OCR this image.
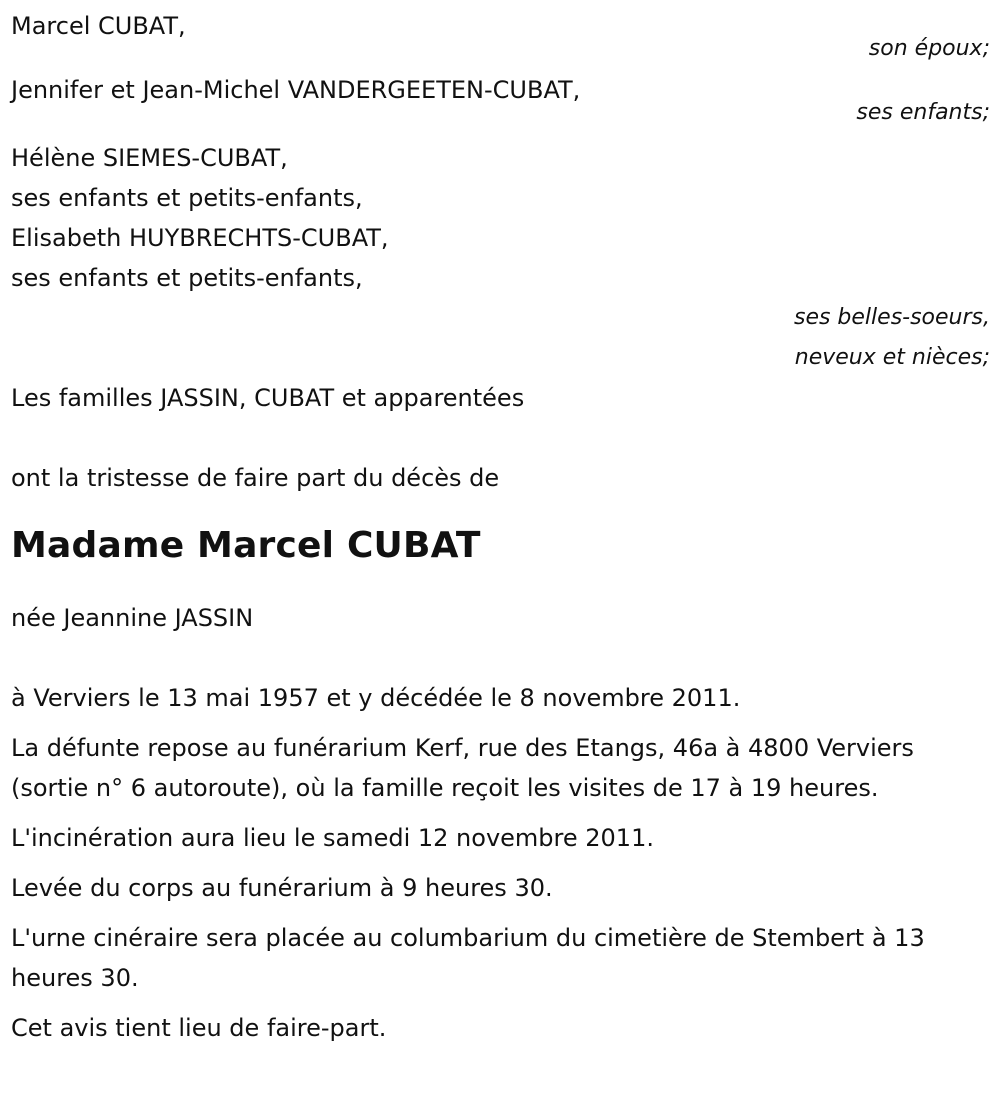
Marcel CUBAT,

son époux;

Jennifer et Jean-Michel VANDERGEETEN-CUBAT,

ses enfants;

Hélène SIEMES-CUBAT,

ses enfants et petits-enfants,

Elisabeth HUYBRECHTS-CUBAT,

ses enfants et petits-enfants,

ses belles-soeurs,

neveux et nièces;

Les familles JASSIN, CUBAT et apparentées

ont la tristesse de faire part du décès de

Madame Marcel CUBAT

née Jeannine JASSIN

à Verviers le 13 mai 1957 et y décédée le 8 novembre 2011.

La défunte repose au funérarium Kerf, rue des Etangs, 46a à 4800 Verviers (sortie n° 6 autoroute), où la famille reçoit les visites de 17 à 19 heures.

L'incinération aura lieu le samedi 12 novembre 2011.

Levée du corps au funérarium à 9 heures 30.

L'urne cinéraire sera placée au columbarium du cimetière de Stembert à 13 heures 30.

Cet avis tient lieu de faire-part.
